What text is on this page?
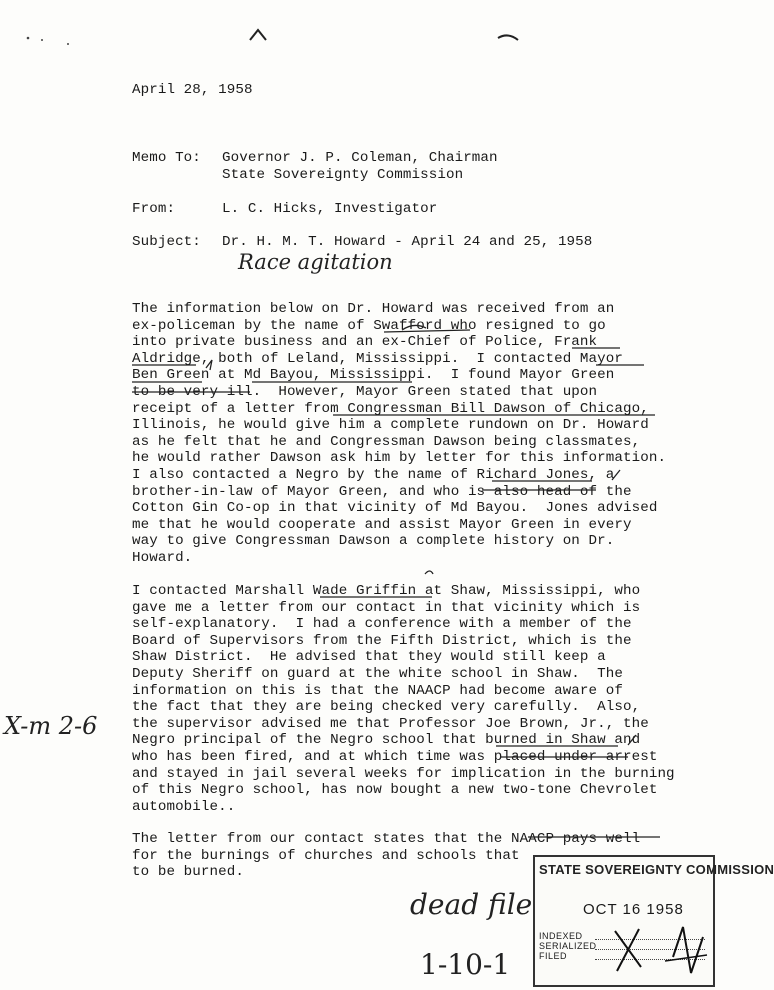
April 28, 1958
Memo To: Governor J. P. Coleman, Chairman
State Sovereignty Commission
From:	L. C. Hicks, Investigator
Subject: Dr. H. M. T. Howard - April 24 and 25, 1958
Race agitation
The information below on Dr. Howard was received from an
ex-policeman by the name of Swafford who resigned to go
into private business and an ex-Chief of Police, Frank
Aldridge, both of Leland, Mississippi.  I contacted Mayor
Ben Green at Md Bayou, Mississippi.  I found Mayor Green
to be very ill.  However, Mayor Green stated that upon
receipt of a letter from Congressman Bill Dawson of Chicago,
Illinois, he would give him a complete rundown on Dr. Howard
as he felt that he and Congressman Dawson being classmates,
he would rather Dawson ask him by letter for this information.
I also contacted a Negro by the name of Richard Jones, a
brother-in-law of Mayor Green, and who is also head of the
Cotton Gin Co-op in that vicinity of Md Bayou.  Jones advised
me that he would cooperate and assist Mayor Green in every
way to give Congressman Dawson a complete history on Dr.
Howard.
I contacted Marshall Wade Griffin at Shaw, Mississippi, who
gave me a letter from our contact in that vicinity which is
self-explanatory.  I had a conference with a member of the
Board of Supervisors from the Fifth District, which is the
Shaw District.  He advised that they would still keep a
Deputy Sheriff on guard at the white school in Shaw.  The
information on this is that the NAACP had become aware of
the fact that they are being checked very carefully.  Also,
the supervisor advised me that Professor Joe Brown, Jr., the
Negro principal of the Negro school that burned in Shaw and
who has been fired, and at which time was placed under arrest
and stayed in jail several weeks for implication in the burning
of this Negro school, has now bought a new two-tone Chevrolet
automobile..
The letter from our contact states that the NAACP pays well
for the burnings of churches and schools that
to be burned.
X-m 2-6
dead file
1-10-1
STATE SOVEREIGNTY COMMISSION
OCT 16 1958
INDEXED
SERIALIZED
FILED
